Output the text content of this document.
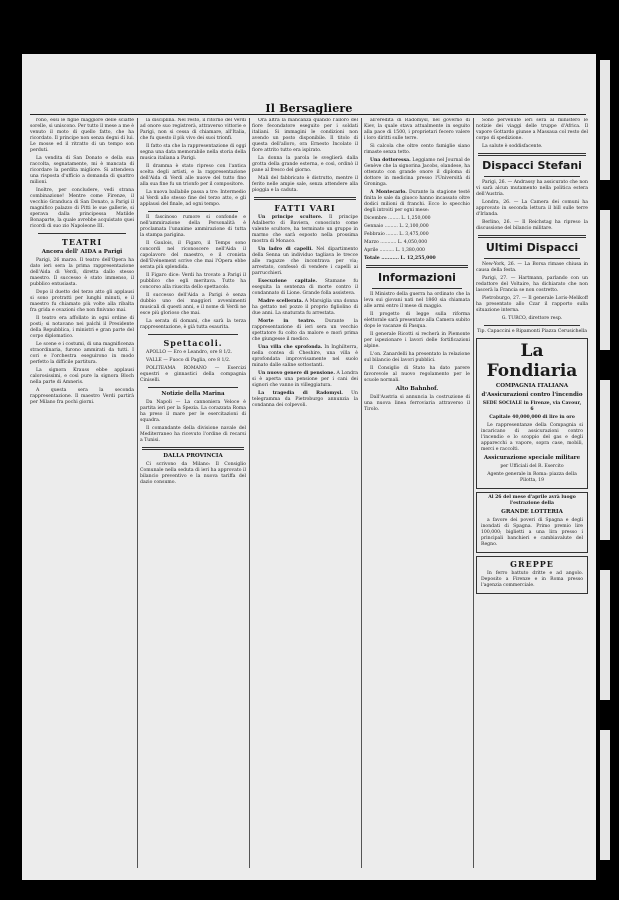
Il Bersagliere

rono, essi le figlie maggiore delle sciatte sorelle, si uniscono. Per tutto il mese a me è venuto il moto di quello fatto, che ha ricordato. Il principe non senza degni di lui. Le mosse ed il ritratto di un tempo son perduti.

La vendita di San Donato e della sua raccolta, segnatamente, mi è mancata di ricordare la perdita migliore. Si attendeva una risposta d'ufficio a domanda di quattro milioni.

Inoltre, per concludere, vedi strana combinazione! Mentre come Firenze, il vecchio Granduca di San Donato, a Parigi il magnifico palazzo di Pitti le sue gallerie, si sperava dalla principessa Matilde Bonaparte, la quale avrebbe acquistato quei ricordi di suo zio Napoleone III.

TEATRI

Ancora dell' AIDA a Parigi

Parigi, 26 marzo. Il teatro dell'Opera ha dato ieri sera la prima rappresentazione dell'Aida di Verdi, diretta dallo stesso maestro. Il successo è stato immenso, il pubblico entusiasta.

Dopo il duetto del terzo atto gli applausi si sono protratti per lunghi minuti, e il maestro fu chiamato più volte alla ribalta fra grida e ovazioni che non finivano mai.

Il teatro era affollato in ogni ordine di posti; si notavano nei palchi il Presidente della Repubblica, i ministri e gran parte del corpo diplomatico.

Le scene e i costumi, di una magnificenza straordinaria, furono ammirati da tutti. I cori e l'orchestra eseguirono in modo perfetto la difficile partitura.

La signora Krauss ebbe applausi calorosissimi, e così pure la signora Bloch nella parte di Amneris.

A questa sera la seconda rappresentazione. Il maestro Verdi partirà per Milano fra pochi giorni.

la disciplina. Nel resto, il ritorno del Verdi ad onore suo registrerà, attraverso vittorie e Parigi, non si cessa di chiamare, all'Italia, che fu questo il più vivo dei suoi trionfi.

Il fatto sta che la rappresentazione di oggi segna una data memorabile nella storia della musica italiana a Parigi.

Il dramma è stato ripreso con l'antica scelta degli artisti, e la rappresentazione dell'Aida di Verdi alle nuove del tutto fino alla sua fine fu un trionfo per il compositore.

La nuova ballabile passa a tre: Intermedio al Verdi allo stesso fine del terzo atto, e gli applausi del finale, ad ogni tempo.

Il fascinoso rumore si confonde e nell'ammirazione della Personalità è proclamata l'unanime ammirazione di tutta la stampa parigina.

Il Gaulois, il Figaro, il Temps sono concordi nel riconoscere nell'Aida il capolavoro del maestro, e il cronista dell'Evénement scrive che mai l'Opera ebbe serata più splendida.

Il Figaro dice: Verdi ha trovato a Parigi il pubblico che egli meritava. Tutto ha concorso alla riuscita dello spettacolo.

Il successo dell'Aida a Parigi è senza dubbio uno dei maggiori avvenimenti musicali di questi anni, e il nome di Verdi ne esce più glorioso che mai.

La serata di domani, che sarà la terza rappresentazione, è già tutta esaurita.

Spettacoli.

APOLLO — Ero e Leandro, ore 8 1/2.

VALLE — Fuoco di Paglia, ore 8 1/2.

POLITEAMA ROMANO — Esercizi equestri e ginnastici della compagnia Ciniselli.

Notizie della Marina

Da Napoli — La cannoniera Veloce è partita ieri per la Spezia. La corazzata Roma ha preso il mare per le esercitazioni di squadra.

Il comandante della divisione navale del Mediterraneo ha ricevuto l'ordine di recarsi a Tunisi.

DALLA PROVINCIA

Ci scrivono da Milano: Il Consiglio Comunale nella seduta di ieri ha approvato il bilancio preventivo e la nuova tariffa del dazio consumo.

Ora altra la mancanza quando l'alloro del fiore fecondatore eseguito per i soldati italiani. Si immagini le condizioni non avendo un posto disponibile. Il titolo di questa dell'alloro, ora Ernesto Incolato il fiore attrito tutto era ispirato.

La donna la parola le sveglierà dalla grotta della grande esterna, e così, ordinò il pane al fresco del giorno.

Mali del fabbricato è distrutto, mentre il ferito nelle ampie sale, senza attendere alla pioggia e la caduta.

FATTI VARI

Un principe scultore. Il principe Adalberto di Baviera, conosciuto come valente scultore, ha terminato un gruppo in marmo che sarà esposto nella prossima mostra di Monaco.

Un ladro di capelli. Nel dipartimento della Senna un individuo tagliava le trecce alle ragazze che incontrava per via; arrestato, confessò di vendere i capelli ai parrucchieri.

Esecuzione capitale. Stamane fu eseguita la sentenza di morte contro il condannato di Lione. Grande folla assisteva.

Madre scellerata. A Marsiglia una donna ha gettato nel pozzo il proprio figliolino di due anni. La snaturata fu arrestata.

Morte in teatro. Durante la rappresentazione di ieri sera un vecchio spettatore fu colto da malore e morì prima che giungesse il medico.

Una villa che sprofonda. In Inghilterra, nella contea di Cheshire, una villa è sprofondata improvvisamente nel suolo minato dalle saline sottostanti.

Un nuovo genere di pensione. A Londra si è aperta una pensione per i cani dei signori che vanno in villeggiatura.

La tragedia di Radomysl. Un telegramma da Pietroburgo annunzia la condanna dei colpevoli.

all'eredità di Radomysl, nel governo di Kiev, la quale stava attualmente in seguito alla pace di 1500, i proprietari fecero valere i loro diritti sulle terre.

Si calcola che oltre cento famiglie siano rimaste senza tetto.

Una dottoressa. Leggiamo nel Journal de Genève che la signorina Jacobs, olandese, ha ottenuto con grande onore il diploma di dottore in medicina presso l'Università di Groninga.

A Montecarlo. Durante la stagione testé finita le sale da giuoco hanno incassato oltre dodici milioni di franchi. Ecco lo specchio degli introiti per ogni mese:

Dicembre ........ L. 1,250,000

Gennaio ......... L. 2,100,000

Febbraio ........ L. 3,475,000

Marzo ........... L. 4,050,000

Aprile .......... L. 1,380,000

Totale ........... L. 12,255,000

Informazioni

Il Ministro della guerra ha ordinato che la leva sui giovani nati nel 1860 sia chiamata alle armi entro il mese di maggio.

Il progetto di legge sulla riforma elettorale sarà presentato alla Camera subito dopo le vacanze di Pasqua.

Il generale Ricotti si recherà in Piemonte per ispezionare i lavori delle fortificazioni alpine.

L'on. Zanardelli ha presentato la relazione sul bilancio dei lavori pubblici.

Il Consiglio di Stato ha dato parere favorevole al nuovo regolamento per le scuole normali.

Alto Bahnhof.

Dall'Austria si annuncia la costruzione di una nuova linea ferroviaria attraverso il Tirolo.

Sono pervenute ieri sera al ministero le notizie dei viaggi delle truppe d'Africa. Il vapore Gottardo giunse a Massaua col resto del corpo di spedizione.

La salute è soddisfacente.

Dispacci Stefani

Parigi, 26. — Andrassy ha assicurato che non vi sarà alcun mutamento nella politica estera dell'Austria.

Londra, 26. — La Camera dei comuni ha approvato in seconda lettura il bill sulle terre d'Irlanda.

Berlino, 26. — Il Reichstag ha ripreso la discussione del bilancio militare.

Ultimi Dispacci

New-York, 26. — La Borsa rimase chiusa in causa della festa.

Parigi, 27. — Hartmann, parlando con un redattore del Voltaire, ha dichiarato che non lascerà la Francia se non costretto.

Pietroburgo, 27. — Il generale Loris-Melikoff ha presentato allo Czar il rapporto sulla situazione interna.

G. TURCO, direttore resp.

Tip. Capaccini e Ripamonti Piazza Cerusichella

La Fondiaria

COMPAGNIA ITALIANA

d'Assicurazioni contro l'incendio

SEDE SOCIALE in Firenze, via Cavour, 6

Capitale 40,000,000 di lire in oro

Le rappresentanze della Compagnia si incaricano di assicurazioni contro l'incendio e lo scoppio del gas e degli apparecchi a vapore, sopra case, mobili, merci e raccolti.

Assicurazione speciale militare

per Ufficiali del R. Esercito

Agente generale in Roma: piazza della Pilotta, 19

Al 26 del mese d'aprile avrà luogo l'estrazione della

GRANDE LOTTERIA

a favore dei poveri di Spagna e degli inondati di Spagna. Primo premio lire 100,000; biglietti a una lira presso i principali banchieri e cambiavalute del Regno.

GREPPE

In ferro battuto dritte e ad angolo. Deposito a Firenze e in Roma presso l'agenzia commerciale.
